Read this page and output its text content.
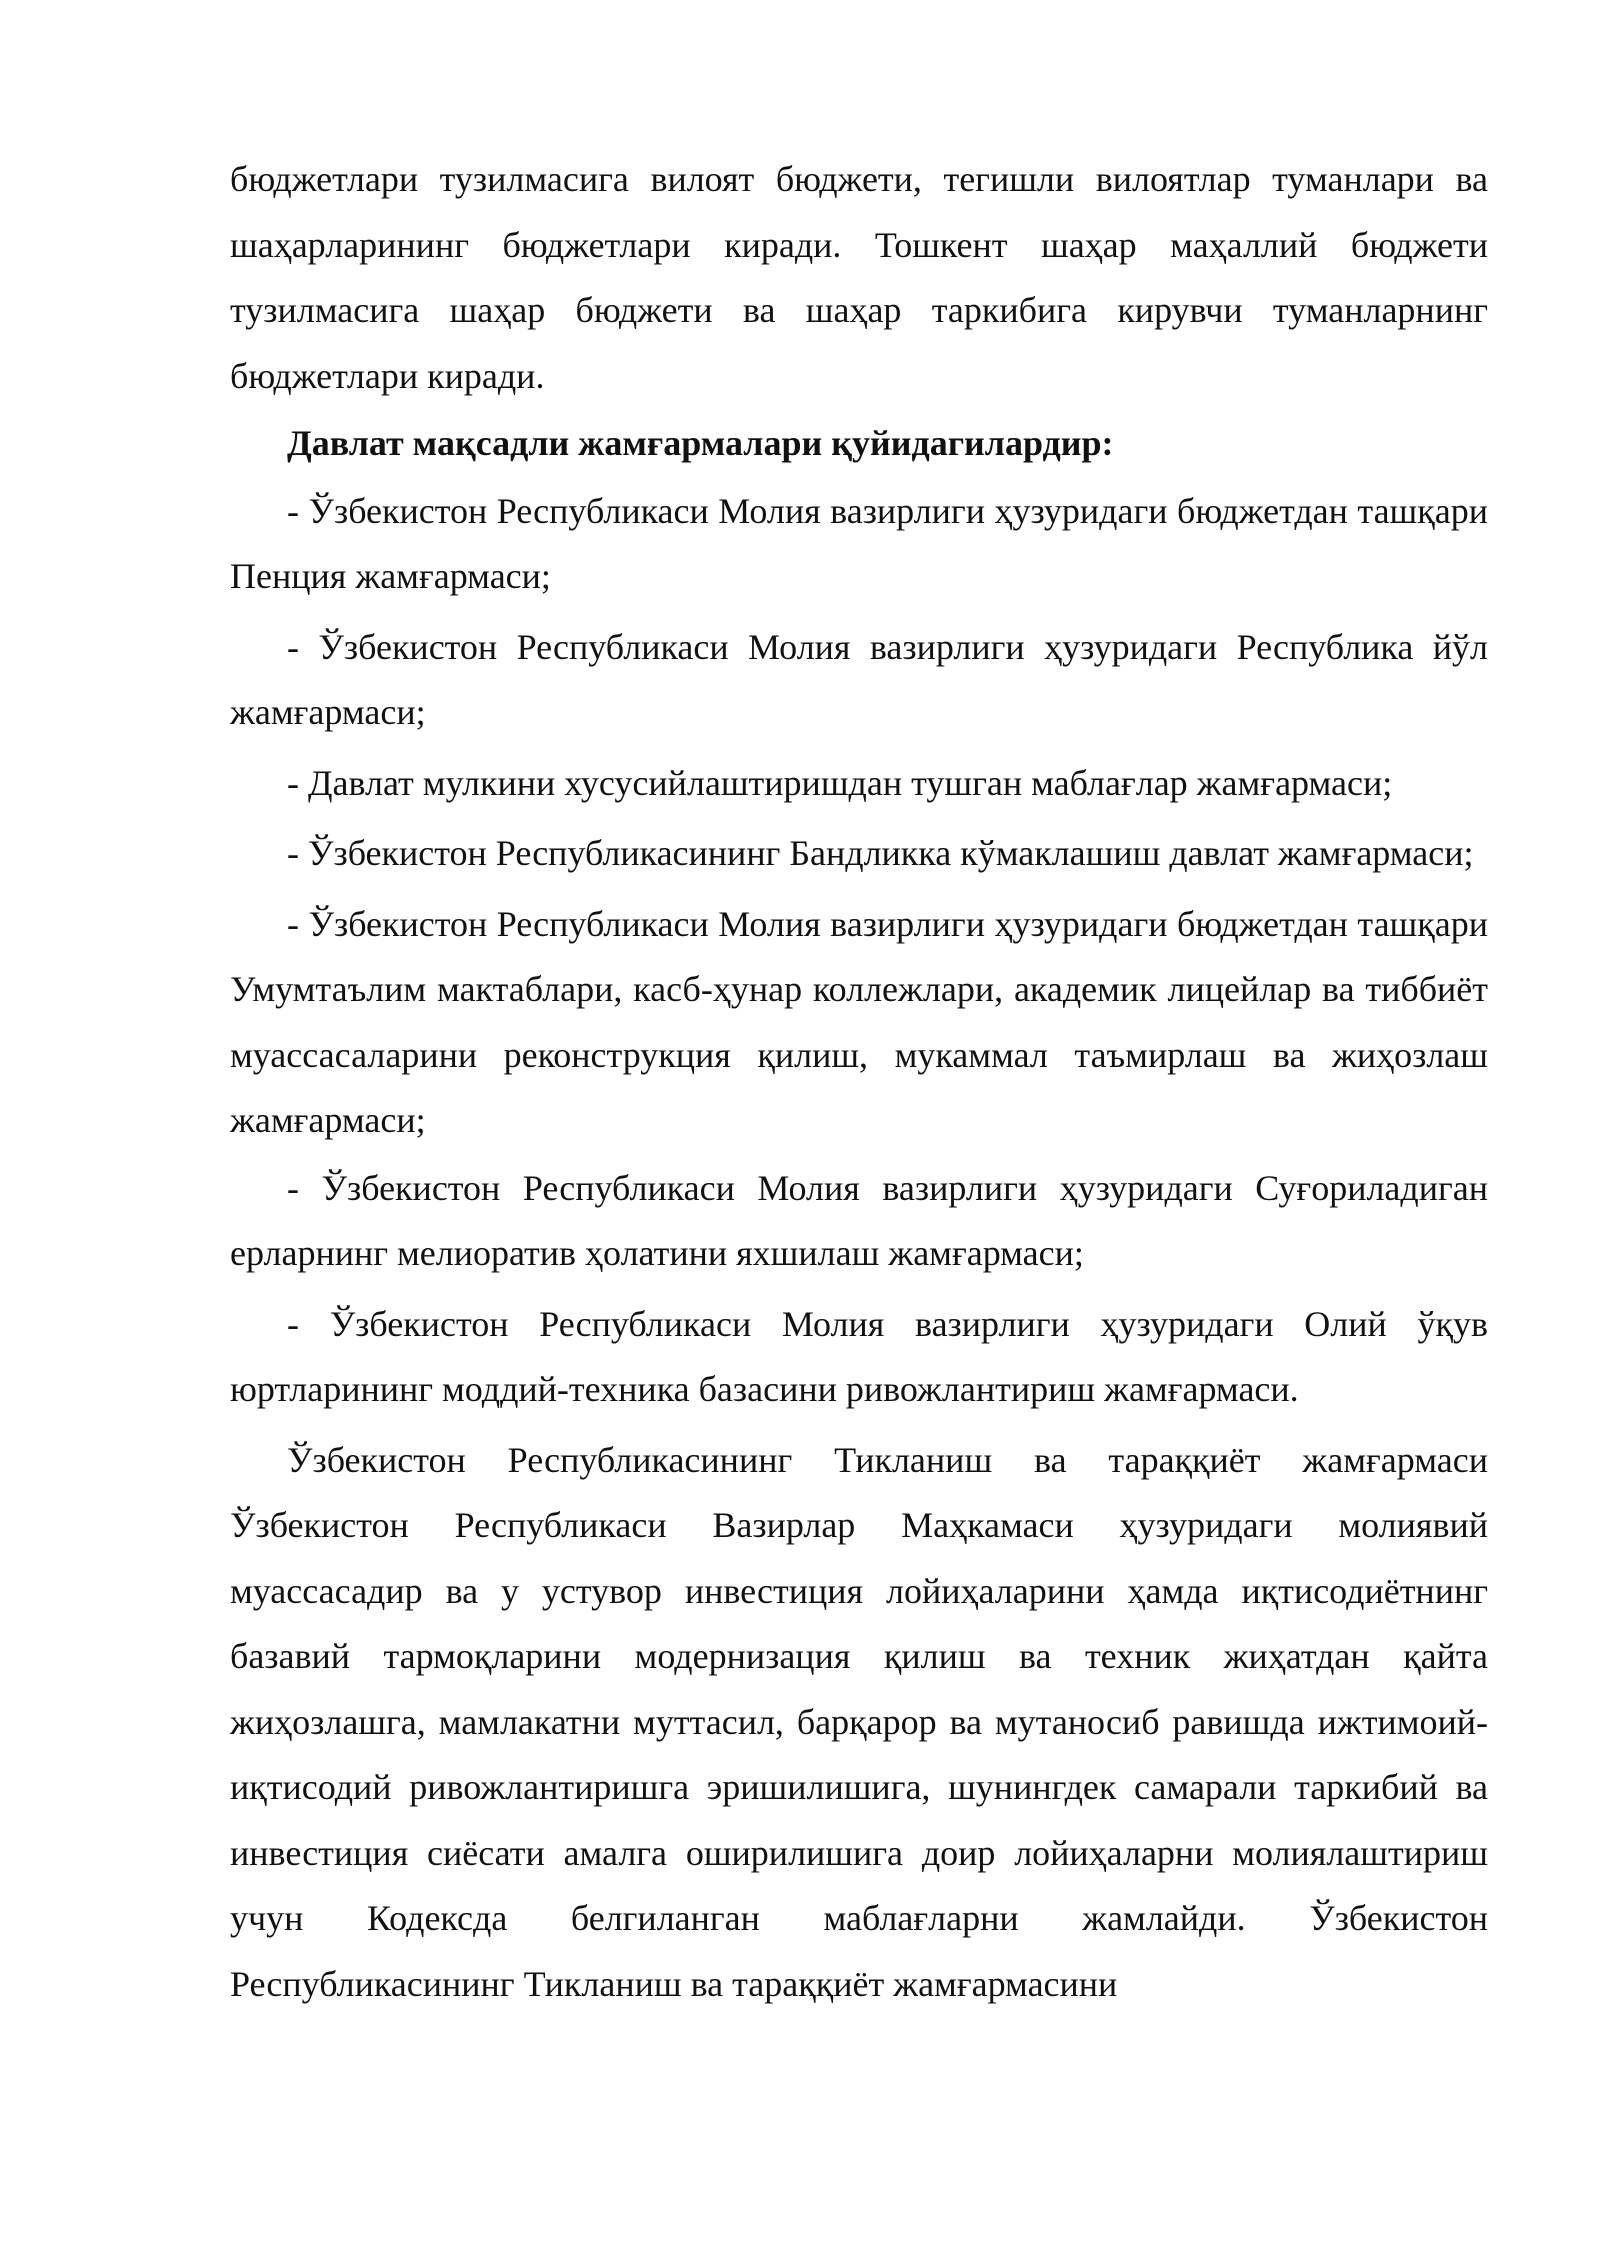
бюджетлари тузилмасига вилоят бюджети, тегишли вилоятлар туманлари ва шаҳарларининг бюджетлари киради. Тошкент шаҳар маҳаллий бюджети тузилмасига шаҳар бюджети ва шаҳар таркибига кирувчи туманларнинг бюджетлари киради.

Давлат мақсадли жамғармалари қуйидагилардир:

- Ўзбекистон Республикаси Молия вазирлиги ҳузуридаги бюджетдан ташқари Пенция жамғармаси;

- Ўзбекистон Республикаси Молия вазирлиги ҳузуридаги Республика йўл жамғармаси;

- Давлат мулкини хусусийлаштиришдан тушган маблағлар жамғармаси;

- Ўзбекистон Республикасининг Бандликка кўмаклашиш давлат жамғармаси;

- Ўзбекистон Республикаси Молия вазирлиги ҳузуридаги бюджетдан ташқари Умумтаълим мактаблари, касб-ҳунар коллежлари, академик лицейлар ва тиббиёт муассасаларини реконструкция қилиш, мукаммал таъмирлаш ва жиҳозлаш жамғармаси;

- Ўзбекистон Республикаси Молия вазирлиги ҳузуридаги Суғориладиган ерларнинг мелиоратив ҳолатини яхшилаш жамғармаси;

- Ўзбекистон Республикаси Молия вазирлиги ҳузуридаги Олий ўқув юртларининг моддий-техника базасини ривожлантириш жамғармаси.

Ўзбекистон Республикасининг Тикланиш ва тараққиёт жамғармаси Ўзбекистон Республикаси Вазирлар Маҳкамаси ҳузуридаги молиявий муассасадир ва у устувор инвестиция лойиҳаларини ҳамда иқтисодиётнинг базавий тармоқларини модернизация қилиш ва техник жиҳатдан қайта жиҳозлашга, мамлакатни муттасил, барқарор ва мутаносиб равишда ижтимоий-иқтисодий ривожлантиришга эришилишига, шунингдек самарали таркибий ва инвестиция сиёсати амалга оширилишига доир лойиҳаларни молиялаштириш учун Кодексда белгиланган маблағларни жамлайди. Ўзбекистон Республикасининг Тикланиш ва тараққиёт жамғармасини
